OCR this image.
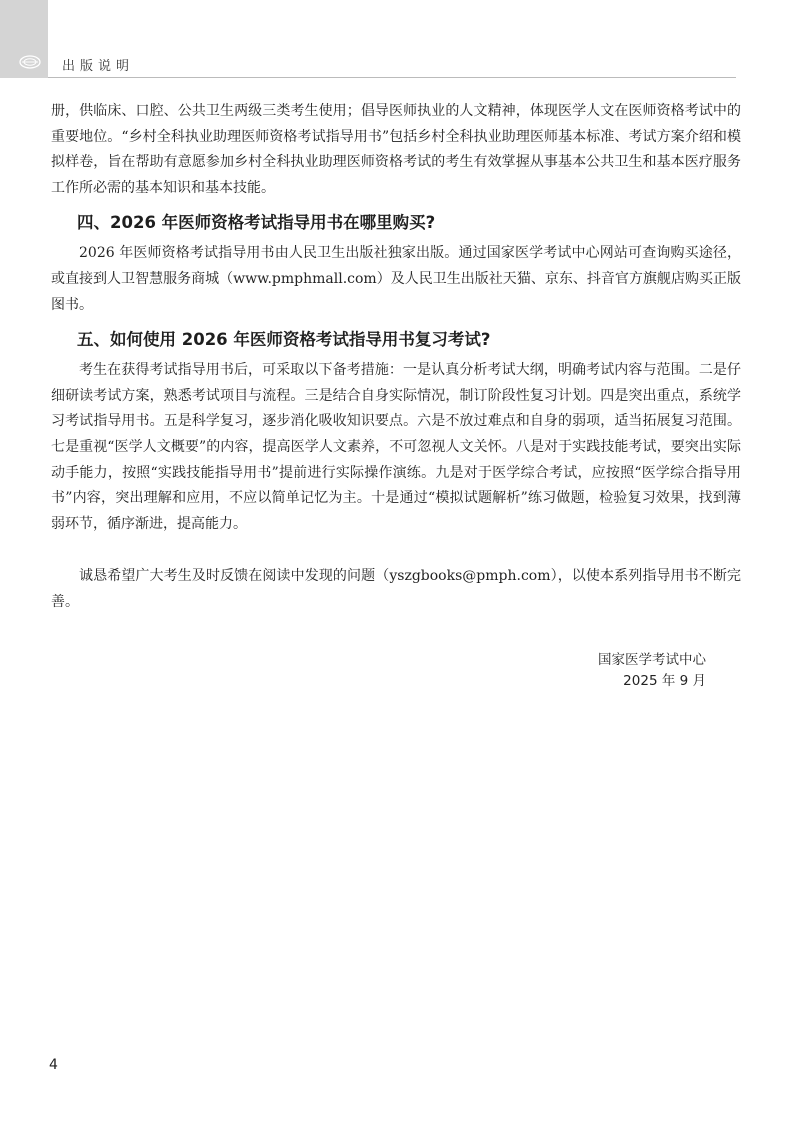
出版说明

册，供临床、口腔、公共卫生两级三类考生使用；倡导医师执业的人文精神，体现医学人文在医师资格考试中的重要地位。“乡村全科执业助理医师资格考试指导用书”包括乡村全科执业助理医师基本标准、考试方案介绍和模拟样卷，旨在帮助有意愿参加乡村全科执业助理医师资格考试的考生有效掌握从事基本公共卫生和基本医疗服务工作所必需的基本知识和基本技能。

四、2026 年医师资格考试指导用书在哪里购买?

2026 年医师资格考试指导用书由人民卫生出版社独家出版。通过国家医学考试中心网站可查询购买途径，或直接到人卫智慧服务商城（www.pmphmall.com）及人民卫生出版社天猫、京东、抖音官方旗舰店购买正版图书。

五、如何使用 2026 年医师资格考试指导用书复习考试?

考生在获得考试指导用书后，可采取以下备考措施：一是认真分析考试大纲，明确考试内容与范围。二是仔细研读考试方案，熟悉考试项目与流程。三是结合自身实际情况，制订阶段性复习计划。四是突出重点，系统学习考试指导用书。五是科学复习，逐步消化吸收知识要点。六是不放过难点和自身的弱项，适当拓展复习范围。七是重视“医学人文概要”的内容，提高医学人文素养，不可忽视人文关怀。八是对于实践技能考试，要突出实际动手能力，按照“实践技能指导用书”提前进行实际操作演练。九是对于医学综合考试，应按照“医学综合指导用书”内容，突出理解和应用，不应以简单记忆为主。十是通过“模拟试题解析”练习做题，检验复习效果，找到薄弱环节，循序渐进，提高能力。

诚恳希望广大考生及时反馈在阅读中发现的问题（yszgbooks@pmph.com），以使本系列指导用书不断完善。

国家医学考试中心
2025 年 9 月
4
